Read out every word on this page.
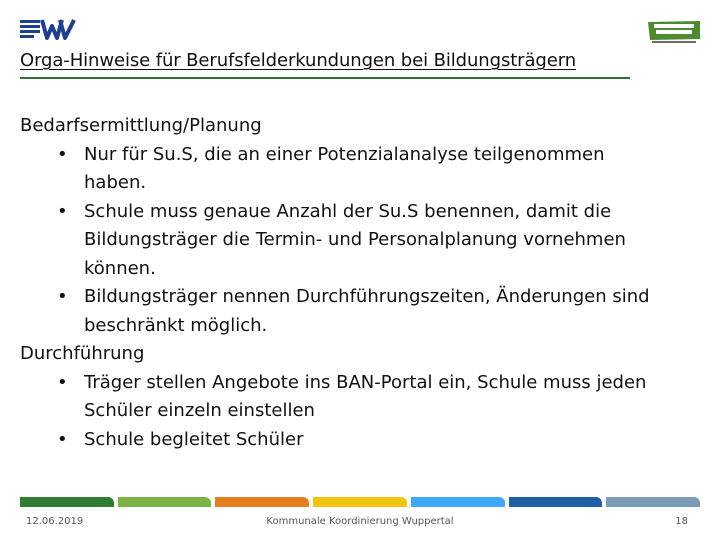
Orga-Hinweise für Berufsfelderkundungen bei Bildungsträgern
Bedarfsermittlung/Planung
• Nur für Su.S, die an einer Potenzialanalyse teilgenommen
haben.
• Schule muss genaue Anzahl der Su.S benennen, damit die
Bildungsträger die Termin- und Personalplanung vornehmen
können.
• Bildungsträger nennen Durchführungszeiten, Änderungen sind
beschränkt möglich.
Durchführung
• Träger stellen Angebote ins BAN-Portal ein, Schule muss jeden
Schüler einzeln einstellen
• Schule begleitet Schüler
12.06.2019	Kommunale Koordinierung Wuppertal	18
